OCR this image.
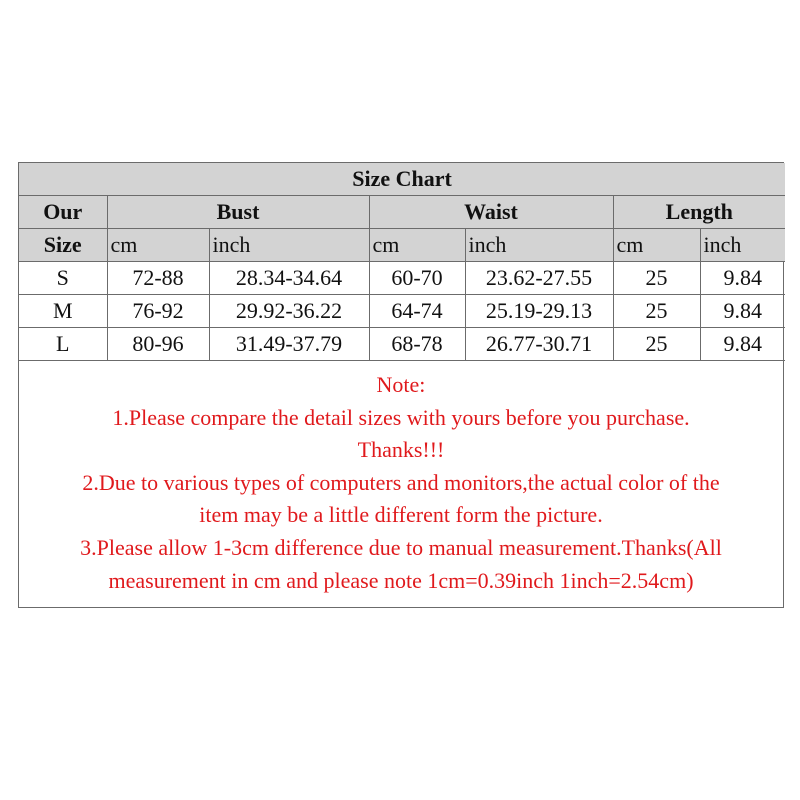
Size Chart						
Our	Bust		Waist		Length	
Size	cm	inch	cm	inch	cm	inch
S	72-88	28.34-34.64	60-70	23.62-27.55	25	9.84
M	76-92	29.92-36.22	64-74	25.19-29.13	25	9.84
L	80-96	31.49-37.79	68-78	26.77-30.71	25	9.84
Note:
1.Please compare the detail sizes with yours before you purchase.
Thanks!!!
2.Due to various types of computers and monitors,the actual color of the
item may be a little different form the picture.
3.Please allow 1-3cm difference due to manual measurement.Thanks(All
measurement in cm and please note 1cm=0.39inch 1inch=2.54cm)
